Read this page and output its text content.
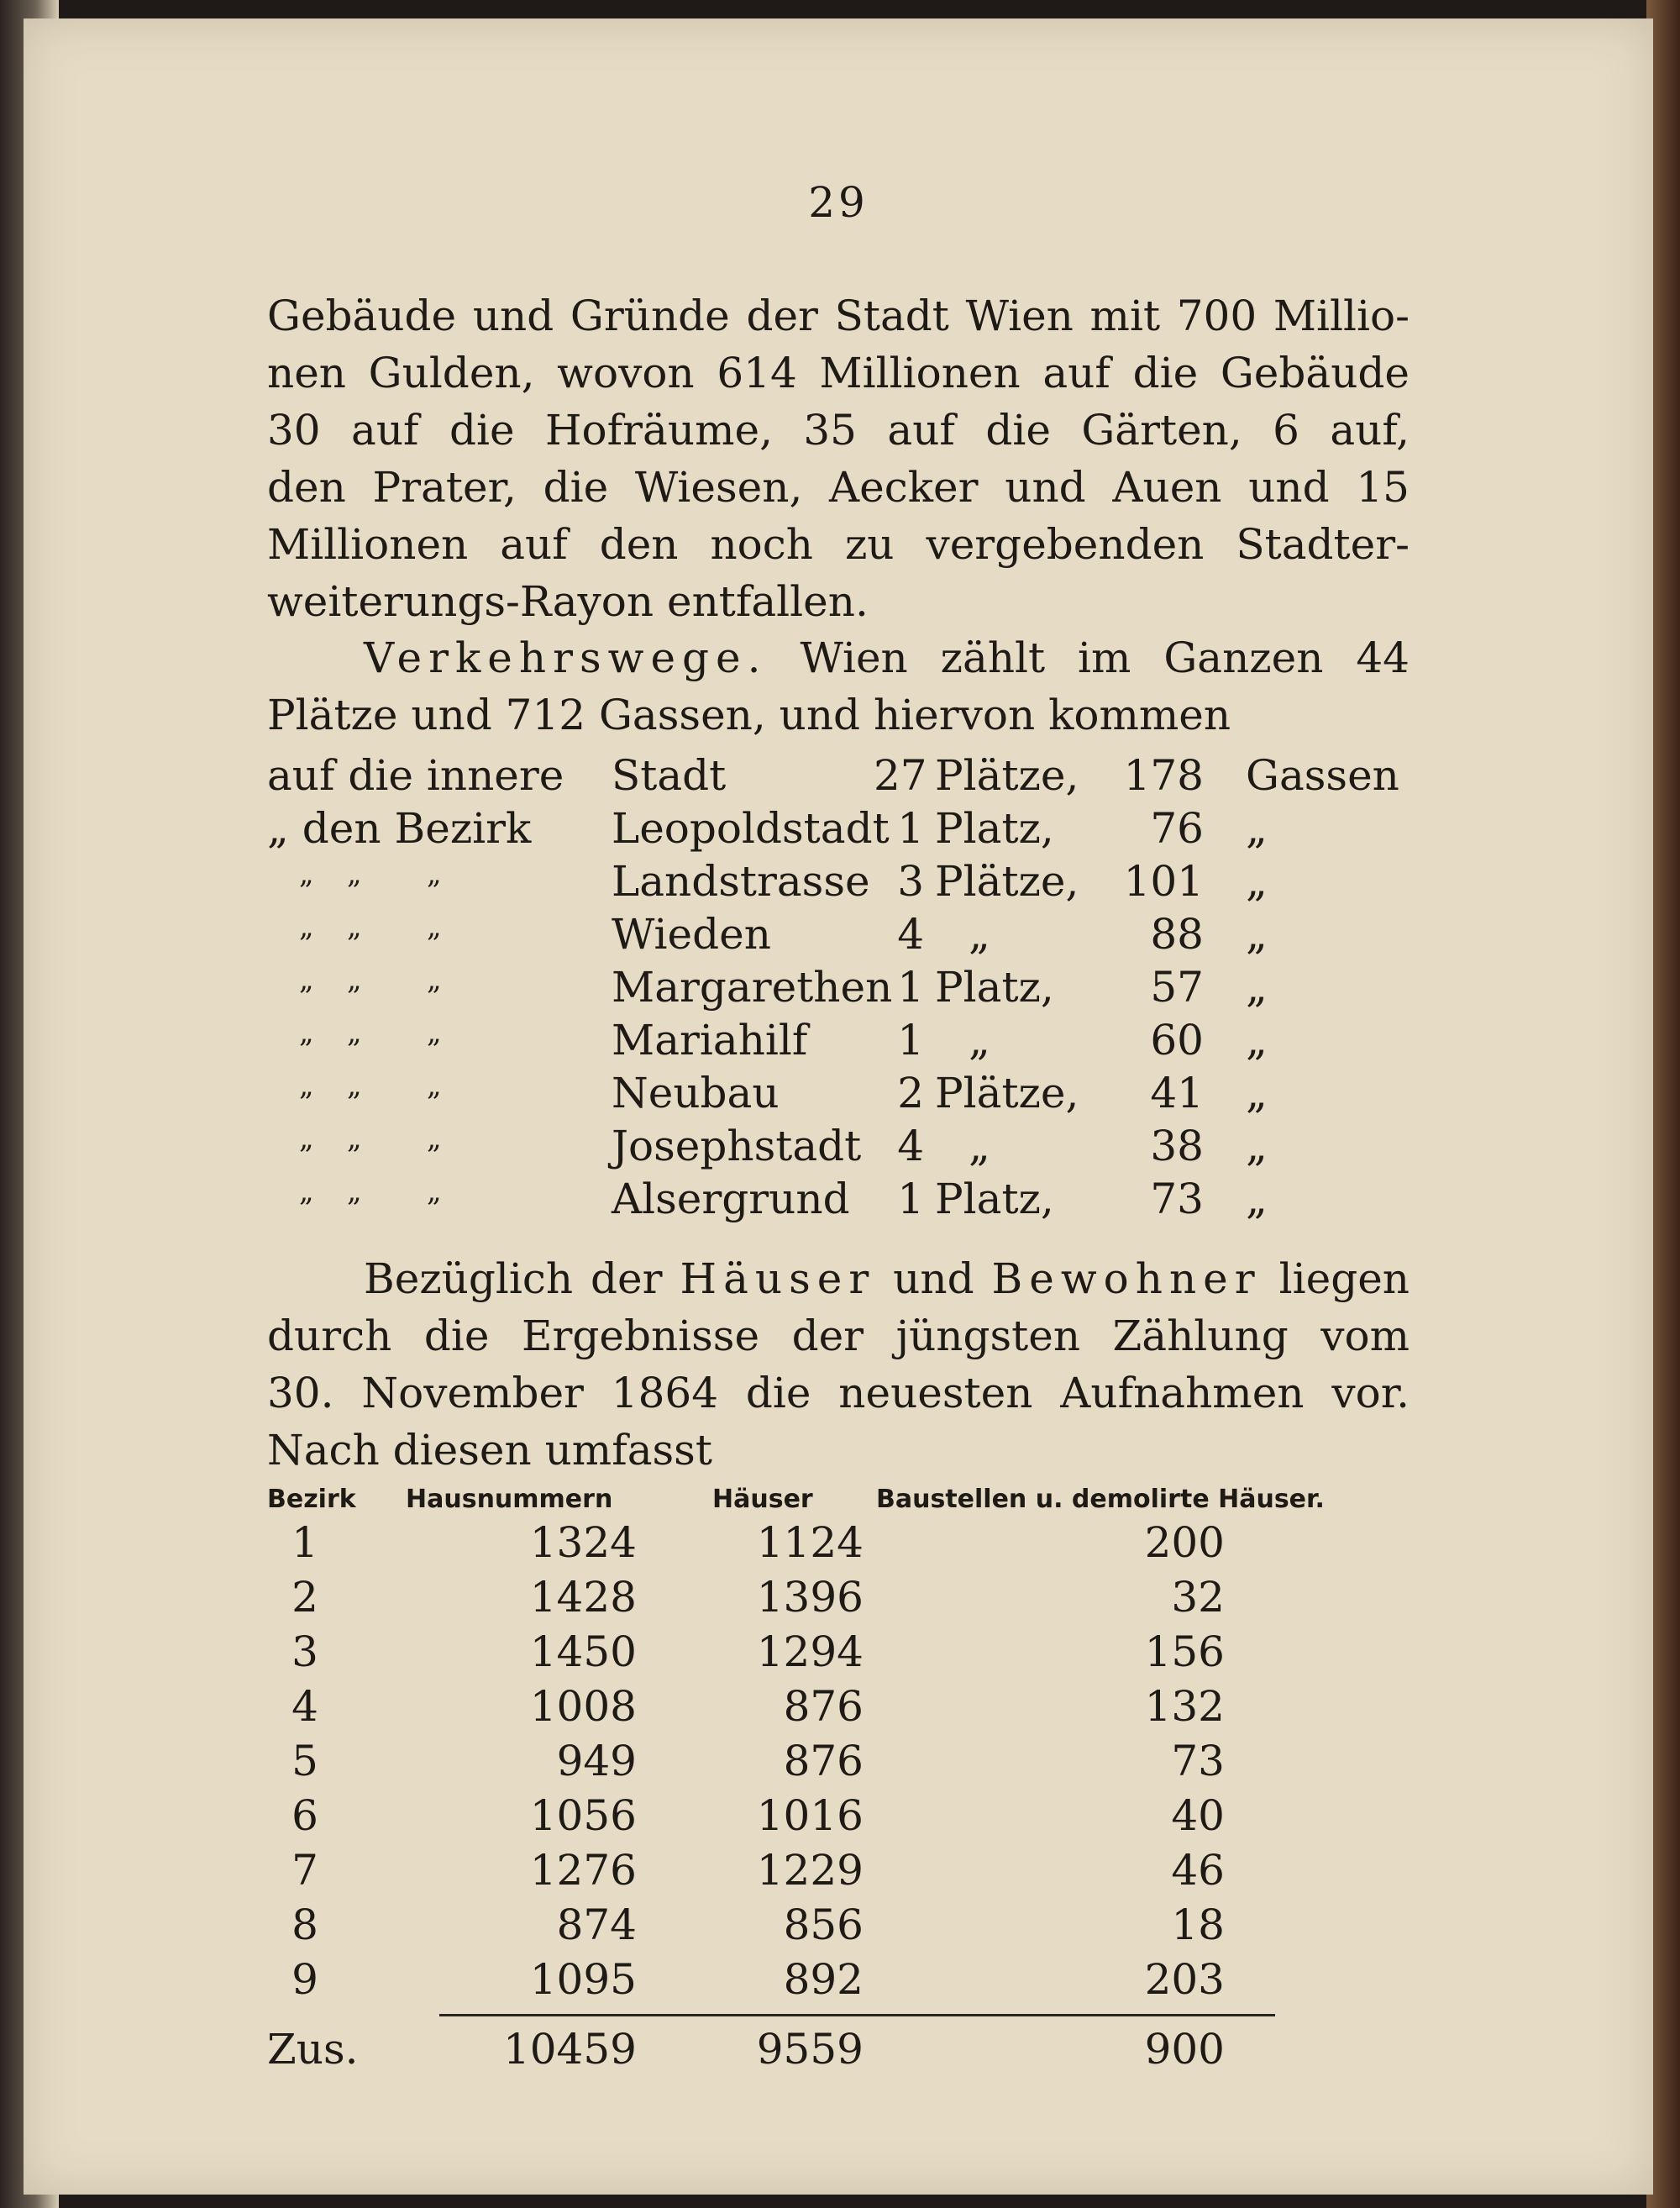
29

Gebäude und Gründe der Stadt Wien mit 700 Millio-
nen Gulden, wovon 614 Millionen auf die Gebäude
30 auf die Hofräume, 35 auf die Gärten, 6 auf,
den Prater, die Wiesen, Aecker und Auen und 15
Millionen auf den noch zu vergebenden Stadter-
weiterungs-Rayon entfallen.

Verkehrswege. Wien zählt im Ganzen 44
Plätze und 712 Gassen, und hiervon kommen

auf die innere Stadt	27 Plätze,	178 Gassen
„ den Bezirk Leopoldstadt 1 Platz,	76 „
„ „ „	Landstrasse 3 Plätze,	101 „
„ „ „	Wieden	4	„	88 „
„ „ „	Margarethen 1 Platz,	57 „
„ „ „	Mariahilf	1	„	60 „
„ „ „	Neubau	2 Plätze,	41 „
„ „ „	Josephstadt 4	„	38 „
„ „ „	Alsergrund	1 Platz,	73 „

Bezüglich der Häuser und Bewohner liegen
durch die Ergebnisse der jüngsten Zählung vom
30. November 1864 die neuesten Aufnahmen vor.
Nach diesen umfasst

Bezirk Hausnummern	Häuser	Baustellen u. demolirte Häuser.
1	1324	1124	200
2	1428	1396	32
3	1450	1294	156
4	1008	876	132
5	949	876	73
6	1056	1016	40
7	1276	1229	46
8	874	856	18
9	1095	892	203
Zus.	10459	9559	900
